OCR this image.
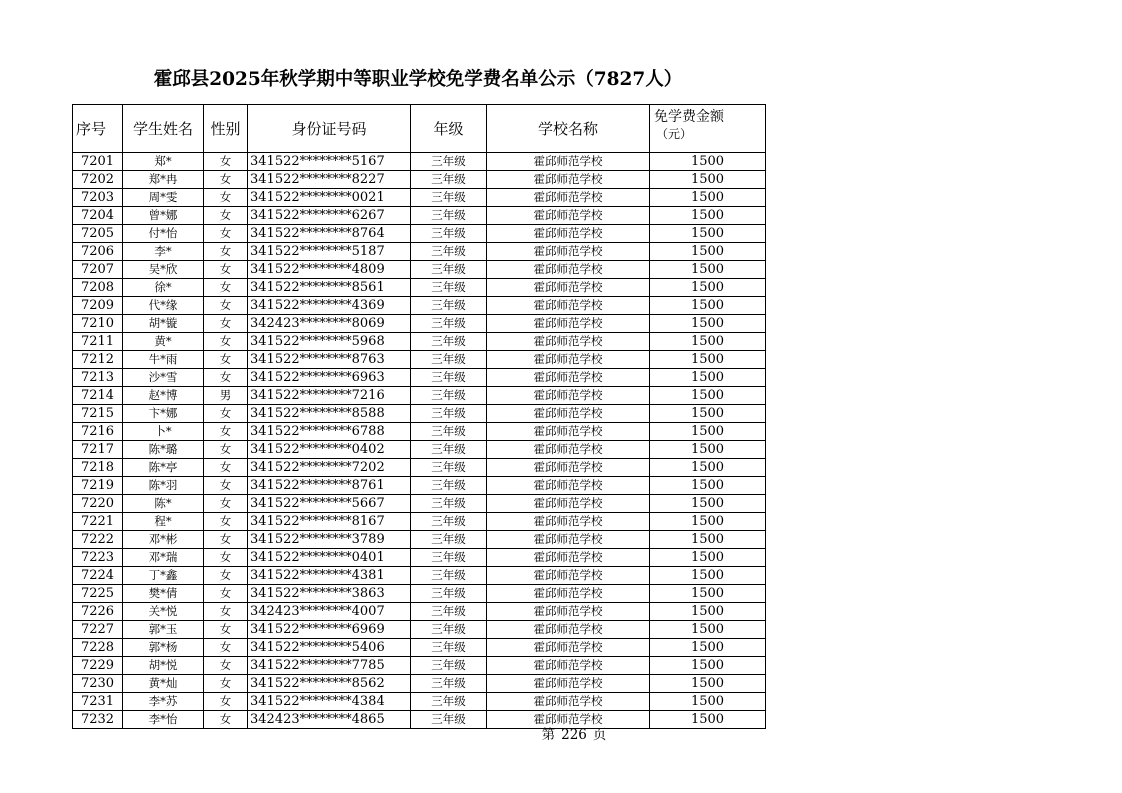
霍邱县2025年秋学期中等职业学校免学费名单公示（7827人）
序号	学生姓名	性别	身份证号码	年级	学校名称	免学费金额
（元）

7201	郑*	女	341522********5167	三年级	霍邱师范学校	1500
7202	郑*冉	女	341522********8227	三年级	霍邱师范学校	1500
7203	周*雯	女	341522********0021	三年级	霍邱师范学校	1500
7204	曾*娜	女	341522********6267	三年级	霍邱师范学校	1500
7205	付*怡	女	341522********8764	三年级	霍邱师范学校	1500
7206	李*	女	341522********5187	三年级	霍邱师范学校	1500
7207	吴*欣	女	341522********4809	三年级	霍邱师范学校	1500
7208	徐*	女	341522********8561	三年级	霍邱师范学校	1500
7209	代*缘	女	341522********4369	三年级	霍邱师范学校	1500
7210	胡*镟	女	342423********8069	三年级	霍邱师范学校	1500
7211	黄*	女	341522********5968	三年级	霍邱师范学校	1500
7212	牛*雨	女	341522********8763	三年级	霍邱师范学校	1500
7213	沙*雪	女	341522********6963	三年级	霍邱师范学校	1500
7214	赵*博	男	341522********7216	三年级	霍邱师范学校	1500
7215	卞*娜	女	341522********8588	三年级	霍邱师范学校	1500
7216	卜*	女	341522********6788	三年级	霍邱师范学校	1500
7217	陈*璐	女	341522********0402	三年级	霍邱师范学校	1500
7218	陈*亭	女	341522********7202	三年级	霍邱师范学校	1500
7219	陈*羽	女	341522********8761	三年级	霍邱师范学校	1500
7220	陈*	女	341522********5667	三年级	霍邱师范学校	1500
7221	程*	女	341522********8167	三年级	霍邱师范学校	1500
7222	邓*彬	女	341522********3789	三年级	霍邱师范学校	1500
7223	邓*瑞	女	341522********0401	三年级	霍邱师范学校	1500
7224	丁*鑫	女	341522********4381	三年级	霍邱师范学校	1500
7225	樊*倩	女	341522********3863	三年级	霍邱师范学校	1500
7226	关*悦	女	342423********4007	三年级	霍邱师范学校	1500
7227	郭*玉	女	341522********6969	三年级	霍邱师范学校	1500
7228	郭*杨	女	341522********5406	三年级	霍邱师范学校	1500
7229	胡*悦	女	341522********7785	三年级	霍邱师范学校	1500
7230	黄*灿	女	341522********8562	三年级	霍邱师范学校	1500
7231	李*苏	女	341522********4384	三年级	霍邱师范学校	1500
7232	李*怡	女	342423********4865	三年级	霍邱师范学校	1500
第 226 页
